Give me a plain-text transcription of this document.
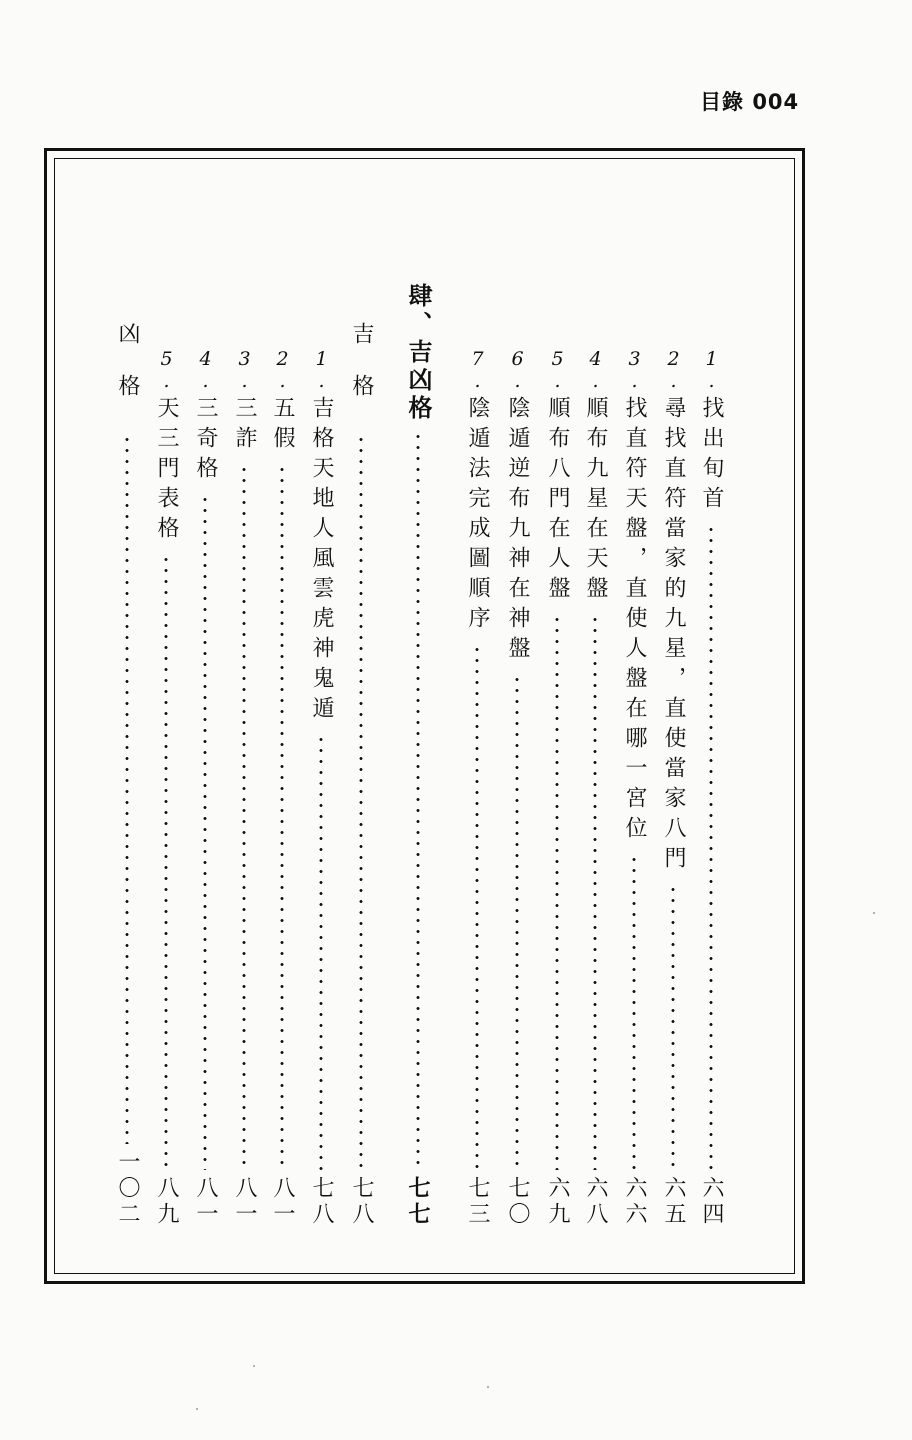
目錄 004
1.
找出旬首
六四
2.
尋找直符當家的九星，直使當家八門
六五
3.
找直符天盤，直使人盤在哪一宮位
六六
4.
順布九星在天盤
六八
5.
順布八門在人盤
六九
6.
陰遁逆布九神在神盤
七〇
7.
陰遁法完成圖順序
七三
肆、吉凶格
七七
吉格
七八
1.
吉格天地人風雲虎神鬼遁
七八
2.
五假
八一
3.
三詐
八一
4.
三奇格
八一
5.
天三門表格
八九
凶格
一〇二
